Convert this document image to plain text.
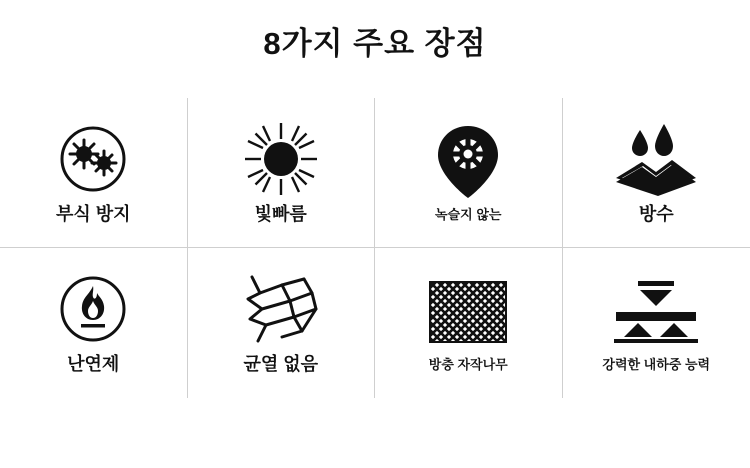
8가지 주요 장점
부식 방지	빛빠름	녹슬지 않는	방수
난연제	균열 없음	방충 자작나무	강력한 내하중 능력
